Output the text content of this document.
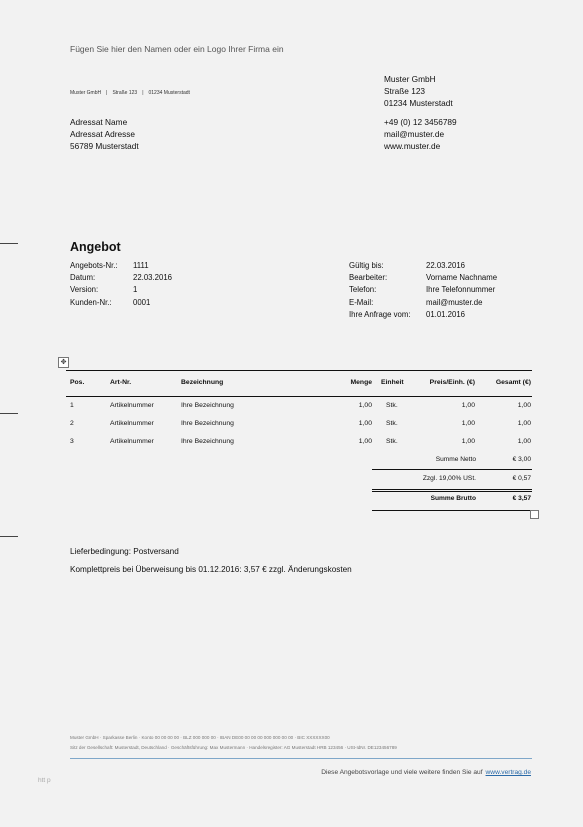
Fügen Sie hier den Namen oder ein Logo Ihrer Firma ein
Muster GmbH | Straße 123 | 01234 Musterstadt
Muster GmbH
Straße 123
01234 Musterstadt
+49 (0) 12 3456789
mail@muster.de
www.muster.de
Adressat Name
Adressat Adresse
56789 Musterstadt
Angebot
Angebots-Nr.: 1111
Datum:	22.03.2016
Version:	1
Kunden-Nr.:	0001
Gültig bis:	22.03.2016
Bearbeiter:	Vorname Nachname
Telefon:	Ihre Telefonnummer
E-Mail:	mail@muster.de
Ihre Anfrage vom: 01.01.2016
✥
Pos.	Art-Nr.	Bezeichnung	Menge Einheit	Preis/Einh. (€)	Gesamt (€)
1	Artikelnummer	Ihre Bezeichnung	1,00 Stk.	1,00	1,00
2	Artikelnummer	Ihre Bezeichnung	1,00 Stk.	1,00	1,00
3	Artikelnummer	Ihre Bezeichnung	1,00 Stk.	1,00	1,00
Summe Netto	€ 3,00
Zzgl. 19,00% USt.	€ 0,57
Summe Brutto	€ 3,57
Lieferbedingung: Postversand
Komplettpreis bei Überweisung bis 01.12.2016: 3,57 € zzgl. Änderungskosten
Muster GmbH · Sparkasse Berlin · Konto 00 00 00 00 · BLZ 000 000 00 · IBAN DE00 00 00 00 000 000 00 00 · BIC XXXXXX00
Sitz der Gesellschaft: Musterstadt, Deutschland · Geschäftsführung: Max Mustermann · Handelsregister: AG Musterstadt HRB 123456 · USt-IdNr. DE123456789
Diese Angebotsvorlage und viele weitere finden Sie auf www.vertrag.de
htt p
